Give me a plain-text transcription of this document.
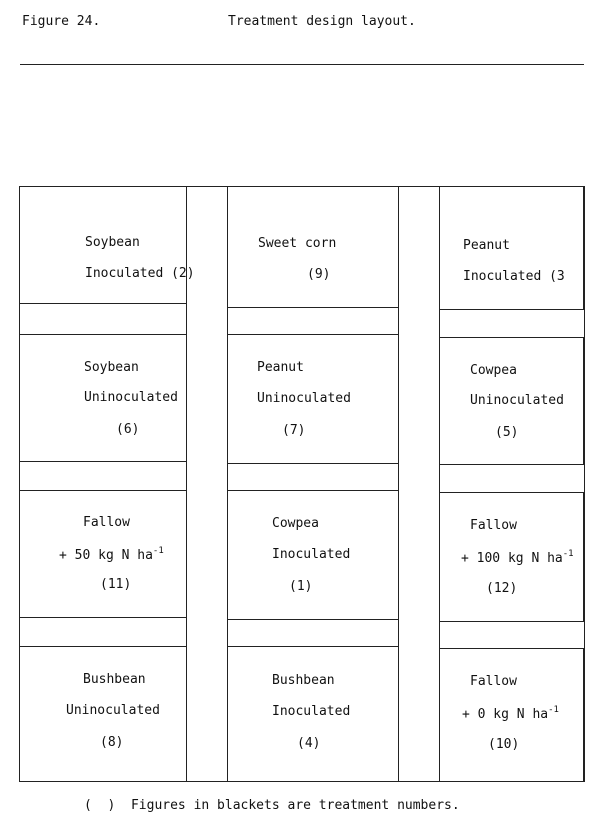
Figure 24.	Treatment design layout.
Soybean
Inoculated (2)
Sweet corn
(9)
Peanut
Inoculated (3
Soybean
Uninoculated
(6)
Peanut
Uninoculated
(7)
Cowpea
Uninoculated
(5)
Fallow
+ 50 kg N $ha^{-1}$
(11)
Cowpea
Inoculated
(1)
Fallow
+ 100 kg N $ha^{-1}$
(12)
Bushbean
Uninoculated
(8)
Bushbean
Inoculated
(4)
Fallow
+ 0 kg N $ha^{-1}$
(10)
(  )  Figures in blackets are treatment numbers.
